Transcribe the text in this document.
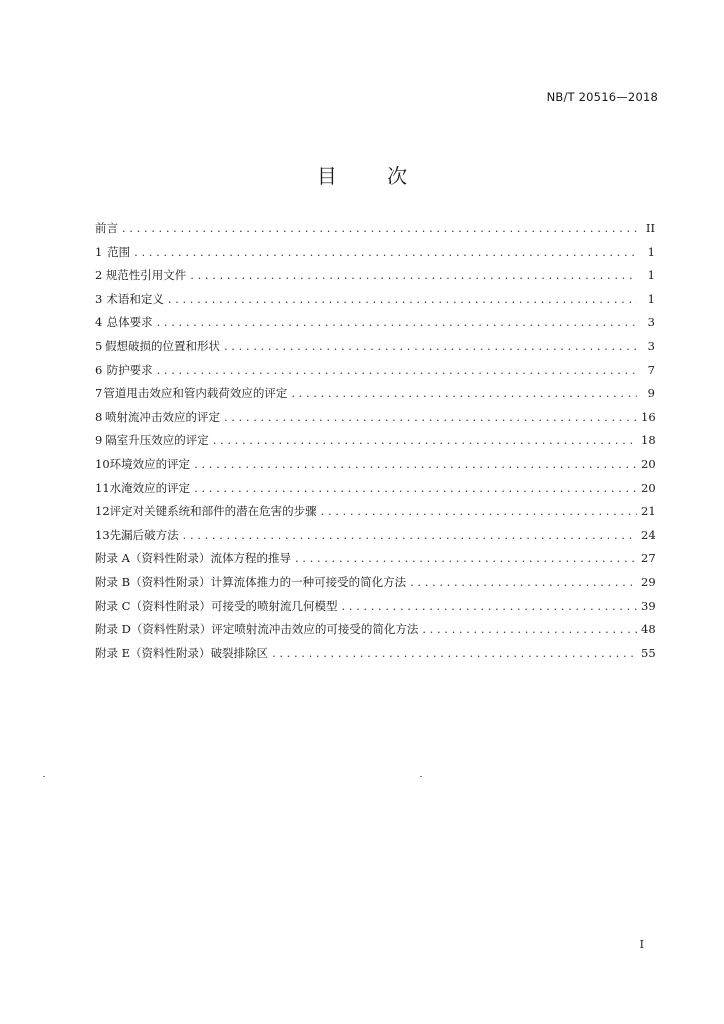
NB/T 20516—2018
目 次
前言 . . .	II
1 范围 . . .	1
2 规范性引用文件 . . .	1
3 术语和定义 . . .	1
4 总体要求 . . .	3
5 假想破损的位置和形状 . . .	3
6 防护要求 . . .	7
7 管道甩击效应和管内载荷效应的评定 . . .	9
8 喷射流冲击效应的评定 . . .	16
9 隔室升压效应的评定 . . .	18
10 环境效应的评定 . . .	20
11 水淹效应的评定 . . .	20
12 评定对关键系统和部件的潜在危害的步骤 . . .	21
13 先漏后破方法 . . .	24
附录 A（资料性附录） 流体方程的推导 . . .	27
附录 B（资料性附录） 计算流体推力的一种可接受的简化方法 . . .	29
附录 C（资料性附录） 可接受的喷射流几何模型 . . .	39
附录 D（资料性附录） 评定喷射流冲击效应的可接受的简化方法 . . .	48
附录 E（资料性附录） 破裂排除区 . . .	55
I
